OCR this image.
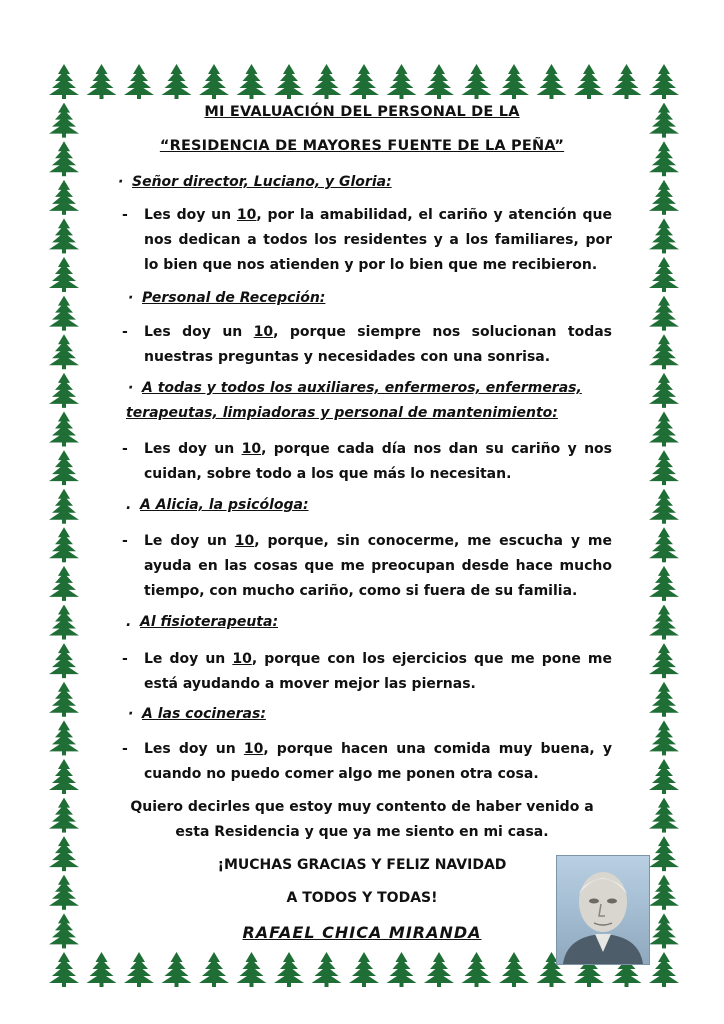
MI EVALUACIÓN DEL PERSONAL DE LA
“RESIDENCIA DE MAYORES FUENTE DE LA PEÑA”
· Señor director, Luciano, y Gloria:
- Les doy un 10, por la amabilidad, el cariño y atención que nos dedican a todos los residentes y a los familiares, por lo bien que nos atienden y por lo bien que me recibieron.
· Personal de Recepción:
- Les doy un 10, porque siempre nos solucionan todas nuestras preguntas y necesidades con una sonrisa.
· A todas y todos los auxiliares, enfermeros, enfermeras,
terapeutas, limpiadoras y personal de mantenimiento:
- Les doy un 10, porque cada día nos dan su cariño y nos cuidan, sobre todo a los que más lo necesitan.
. A Alicia, la psicóloga:
- Le doy un 10, porque, sin conocerme, me escucha y me ayuda en las cosas que me preocupan desde hace mucho tiempo, con mucho cariño, como si fuera de su familia.
. Al fisioterapeuta:
- Le doy un 10, porque con los ejercicios que me pone me está ayudando a mover mejor las piernas.
· A las cocineras:
- Les doy un 10, porque hacen una comida muy buena, y cuando no puedo comer algo me ponen otra cosa.
Quiero decirles que estoy muy contento de haber venido a
esta Residencia y que ya me siento en mi casa.
¡MUCHAS GRACIAS Y FELIZ NAVIDAD
A TODOS Y TODAS!
RAFAEL CHICA MIRANDA
